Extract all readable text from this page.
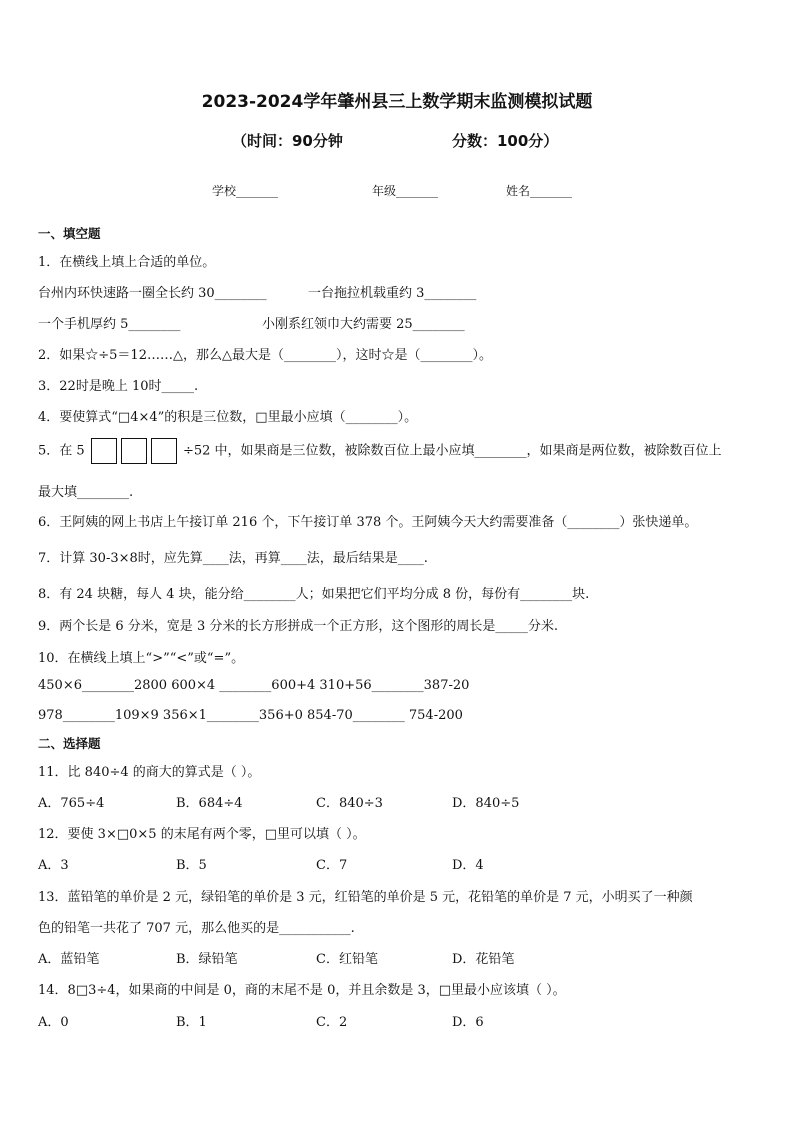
2023-2024学年肇州县三上数学期末监测模拟试题
（时间：90分钟	分数：100分）
学校_______	年级_______	姓名_______
一、填空题
1．在横线上填上合适的单位。
台州内环快速路一圈全长约 30________	一台拖拉机载重约 3________
一个手机厚约 5________	小刚系红领巾大约需要 25________
2．如果☆÷5＝12……△，那么△最大是（________），这时☆是（________）。
3．22时是晚上 10时_____.
4．要使算式“□4×4”的积是三位数，□里最小应填（________）。
5．在 5	÷52 中，如果商是三位数，被除数百位上最小应填________，如果商是两位数，被除数百位上
最大填________.
6．王阿姨的网上书店上午接订单 216 个，下午接订单 378 个。王阿姨今天大约需要准备（________）张快递单。
7．计算 30-3×8时，应先算____法，再算____法，最后结果是____.
8．有 24 块糖，每人 4 块，能分给________人；如果把它们平均分成 8 份，每份有________块.
9．两个长是 6 分米，宽是 3 分米的长方形拼成一个正方形，这个图形的周长是_____分米.
10．在横线上填上“>”“<”或“=”。
450×6________2800 600×4 ________600+4 310+56________387-20
978________109×9 356×1________356+0 854-70________ 754-200
二、选择题
11．比 840÷4 的商大的算式是（ ）。
A．765÷4	B．684÷4	C．840÷3	D．840÷5
12．要使 3×□0×5 的末尾有两个零，□里可以填（ ）。
A．3	B．5	C．7	D．4
13．蓝铅笔的单价是 2 元，绿铅笔的单价是 3 元，红铅笔的单价是 5 元，花铅笔的单价是 7 元，小明买了一种颜
色的铅笔一共花了 707 元，那么他买的是___________.
A．蓝铅笔	B．绿铅笔	C．红铅笔	D．花铅笔
14．8□3÷4，如果商的中间是 0，商的末尾不是 0，并且余数是 3，□里最小应该填（ ）。
A．0	B．1	C．2	D．6
